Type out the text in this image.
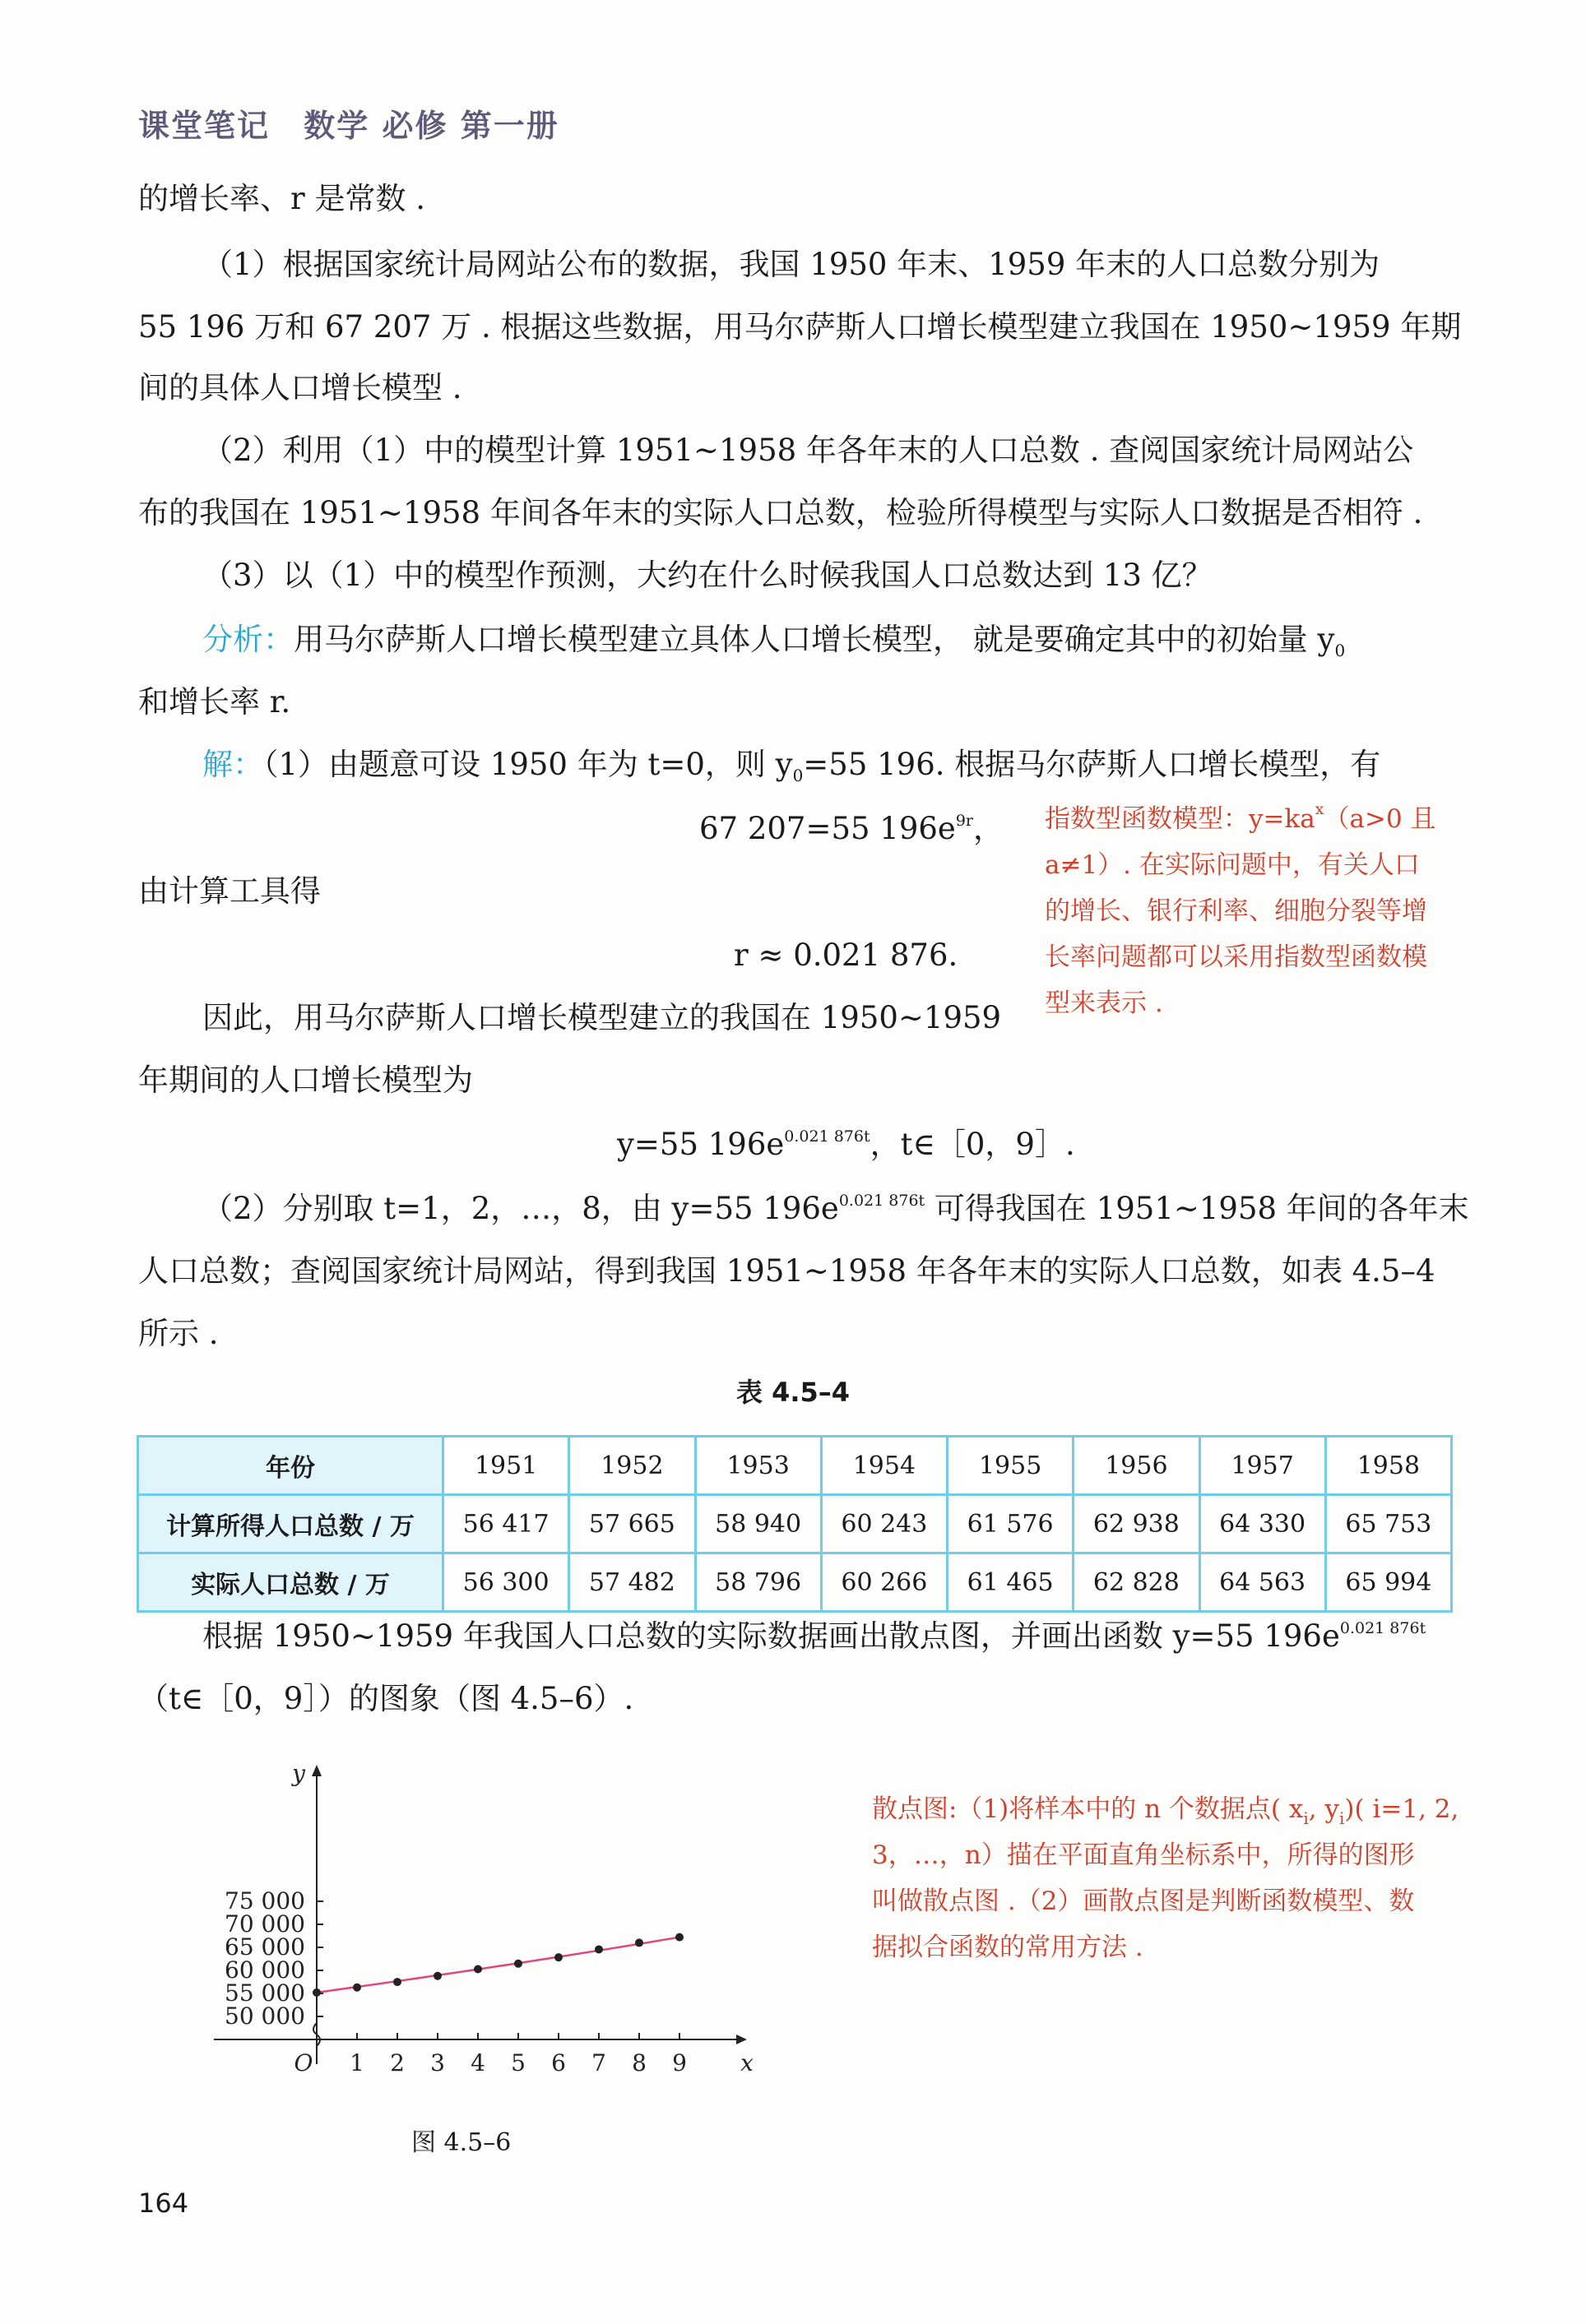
课堂笔记 数学 必修 第一册
的增长率、r 是常数 .
（1）根据国家统计局网站公布的数据，我国 1950 年末、1959 年末的人口总数分别为
55 196 万和 67 207 万 . 根据这些数据，用马尔萨斯人口增长模型建立我国在 1950~1959 年期
间的具体人口增长模型 .
（2）利用（1）中的模型计算 1951~1958 年各年末的人口总数 . 查阅国家统计局网站公
布的我国在 1951~1958 年间各年末的实际人口总数，检验所得模型与实际人口数据是否相符 .
（3）以（1）中的模型作预测，大约在什么时候我国人口总数达到 13 亿？
分析：用马尔萨斯人口增长模型建立具体人口增长模型， 就是要确定其中的初始量 $y_0$
和增长率 r.
解：（1）由题意可设 1950 年为 t=0，则 $y_0=55$ 196. 根据马尔萨斯人口增长模型，有
67 207=55 $196e^{9r}$，
由计算工具得
r ≈ 0.021 876.
因此，用马尔萨斯人口增长模型建立的我国在 1950~1959
年期间的人口增长模型为
y=55 $196e^{0.021 876t}$，t∈［0，9］.
（2）分别取 t=1，2，…，8，由 y=55 $196e^{0.021 876t}$ 可得我国在 1951~1958 年间的各年末
人口总数；查阅国家统计局网站，得到我国 1951~1958 年各年末的实际人口总数，如表 4.5–4
所示 .
指数型函数模型：$y=ka^x(a>0$ 且
a≠1）. 在实际问题中，有关人口
的增长、银行利率、细胞分裂等增
长率问题都可以采用指数型函数模
型来表示 .
表 4.5–4
年份	1951	1952	1953	1954	1955	1956	1957	1958
计算所得人口总数 / 万	56 417	57 665	58 940	60 243	61 576	62 938	64 330	65 753
实际人口总数 / 万	56 300	57 482	58 796	60 266	61 465	62 828	64 563	65 994
根据 1950~1959 年我国人口总数的实际数据画出散点图，并画出函数 y=55 $196e^{0.021 876t}$
（t∈［0，9］）的图象（图 4.5–6）.
50 000
55 000
60 000
65 000
70 000
75 000
1 2 3 4 5 6 7 8 9
O	x
y
图 4.5–6
散点图:（1)将样本中的 n 个数据点( $x_i$, $y_i$)( i=1, 2,
3，…，n）描在平面直角坐标系中，所得的图形
叫做散点图 .（2）画散点图是判断函数模型、数
据拟合函数的常用方法 .
164
